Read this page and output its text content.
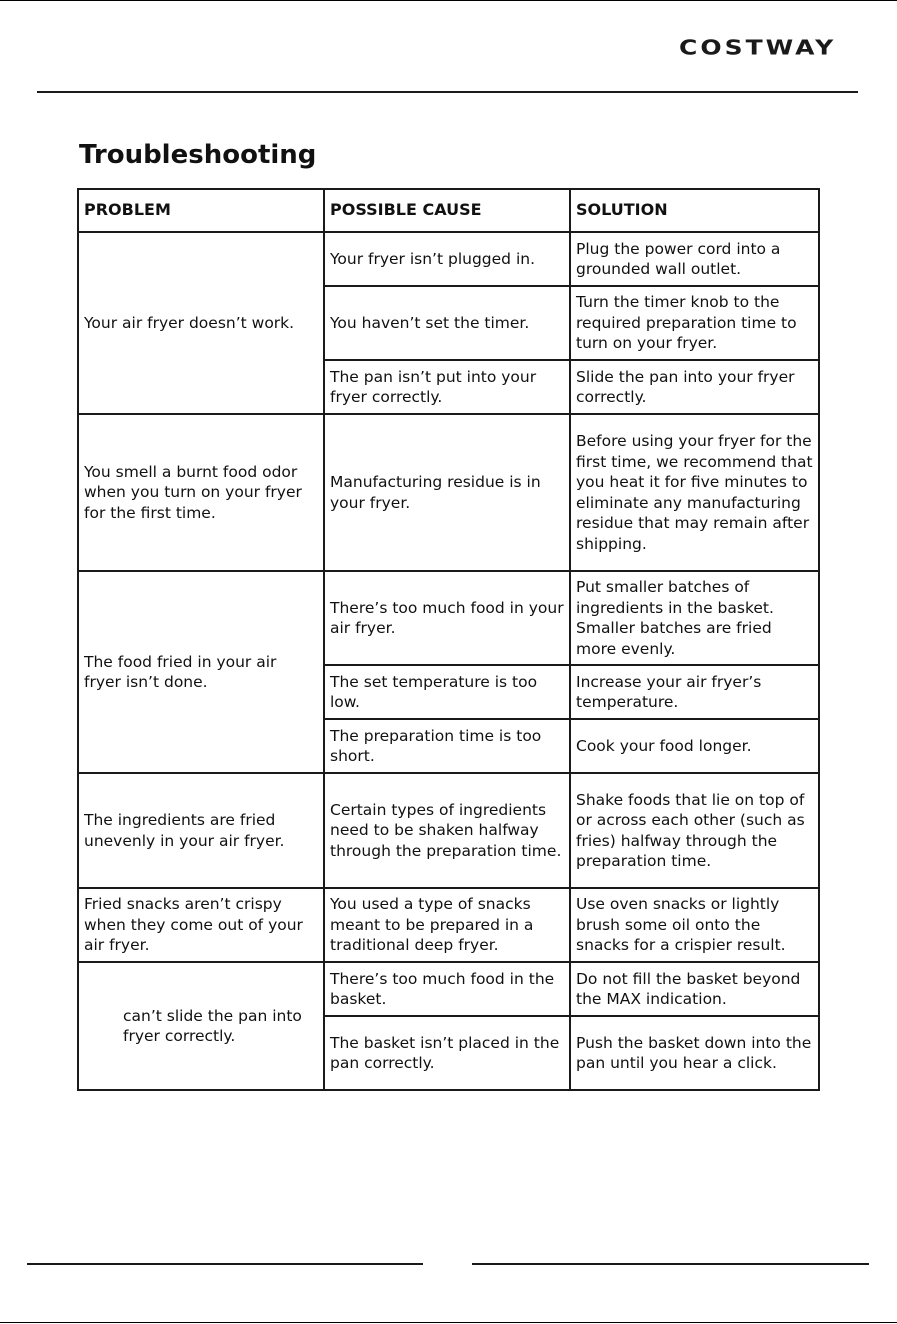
COSTWAY
Troubleshooting
PROBLEM	POSSIBLE CAUSE	SOLUTION
Your air fryer doesn’t work.	Your fryer isn’t plugged in.	Plug the power cord into a grounded wall outlet.
	You haven’t set the timer.	Turn the timer knob to the required preparation time to turn on your fryer.
	The pan isn’t put into your fryer correctly.	Slide the pan into your fryer correctly.
You smell a burnt food odor when you turn on your fryer for the first time.	Manufacturing residue is in your fryer.	Before using your fryer for the first time, we recommend that you heat it for five minutes to eliminate any manufacturing residue that may remain after shipping.
The food fried in your air fryer isn’t done.	There’s too much food in your air fryer.	Put smaller batches of ingredients in the basket. Smaller batches are fried more evenly.
	The set temperature is too low.	Increase your air fryer’s temperature.
	The preparation time is too short.	Cook your food longer.
The ingredients are fried unevenly in your air fryer.	Certain types of ingredients need to be shaken halfway through the preparation time.	Shake foods that lie on top of or across each other (such as fries) halfway through the preparation time.
Fried snacks aren’t crispy when they come out of your air fryer.	You used a type of snacks meant to be prepared in a traditional deep fryer.	Use oven snacks or lightly brush some oil onto the snacks for a crispier result.
can’t slide the pan into fryer correctly.	There’s too much food in the basket.	Do not fill the basket beyond the MAX indication.
	The basket isn’t placed in the pan correctly.	Push the basket down into the pan until you hear a click.
